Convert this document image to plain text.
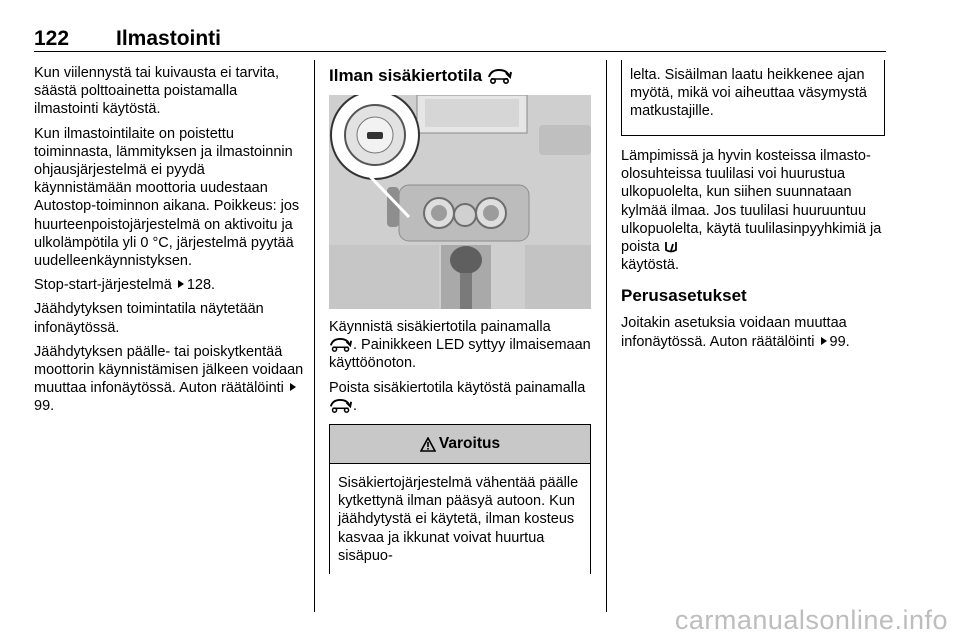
122 Ilmastointi

Kun viilennystä tai kuivausta ei tarvita, säästä polttoainetta poistamalla ilmastointi käytöstä.

Kun ilmastointilaite on poistettu toiminnasta, lämmityksen ja ilmastoinnin ohjausjärjestelmä ei pyydä käynnistämään moottoria uudestaan Autostop-toiminnon aikana. Poikkeus: jos huurteenpoistojärjestelmä on aktivoitu ja ulkolämpötila yli 0 °C, järjestelmä pyytää uudelleenkäynnistyksen.

Stop-start-järjestelmä 128.

Jäähdytyksen toimintatila näytetään infonäytössä.

Jäähdytyksen päälle- tai poiskytkentää moottorin käynnistämisen jälkeen voidaan muuttaa infonäytössä. Auton räätälöinti 99.

Ilman sisäkiertotila

Käynnistä sisäkiertotila painamalla
. Painikkeen LED syttyy ilmaisemaan käyttöönoton.

Poista sisäkiertotila käytöstä painamalla .

Varoitus
Sisäkiertojärjestelmä vähentää päälle kytkettynä ilman pääsyä autoon. Kun jäähdytystä ei käytetä, ilman kosteus kasvaa ja ikkunat voivat huurtua sisäpuo-
lelta. Sisäilman laatu heikkenee ajan myötä, mikä voi aiheuttaa väsymystä matkustajille.

Lämpimissä ja hyvin kosteissa ilmasto-olosuhteissa tuulilasi voi huurustua ulkopuolelta, kun siihen suunnataan kylmää ilmaa. Jos tuulilasi huuruuntuu ulkopuolelta, käytä tuulilasinpyyhkimiä ja poista
käytöstä.

Perusasetukset

Joitakin asetuksia voidaan muuttaa infonäytössä. Auton räätälöinti 99.

carmanualsonline.info
